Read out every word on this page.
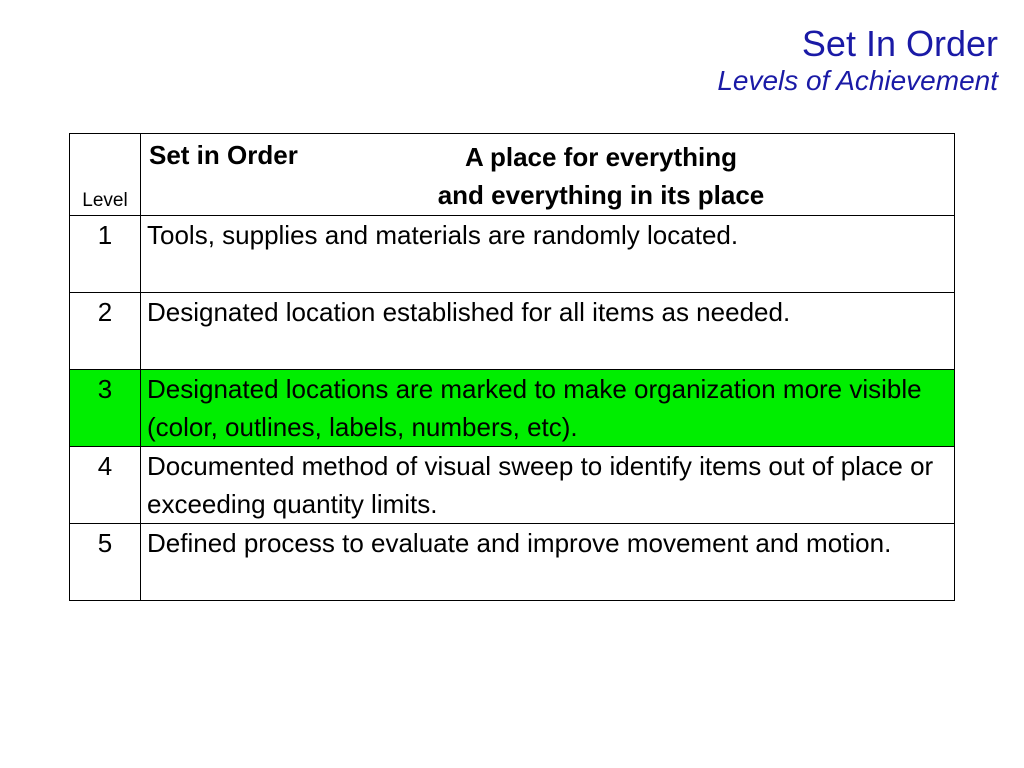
Set In Order
Levels of Achievement
Level	Set in Order A place for everything
and everything in its place

1	Tools, supplies and materials are randomly located.
2	Designated location established for all items as needed.
3	Designated locations are marked to make organization more visible (color, outlines, labels, numbers, etc).
4	Documented method of visual sweep to identify items out of place or exceeding quantity limits.
5	Defined process to evaluate and improve movement and motion.
